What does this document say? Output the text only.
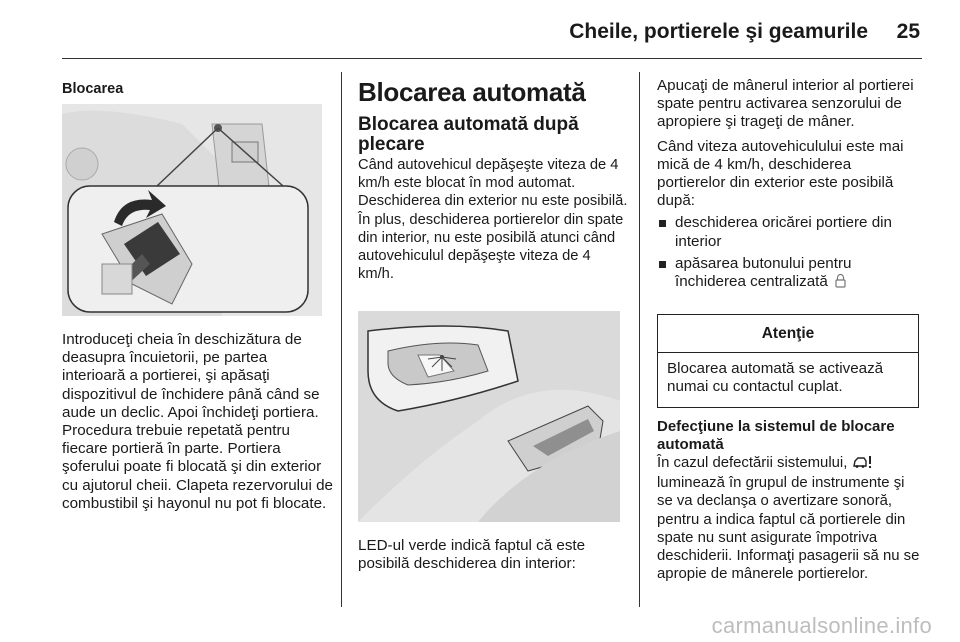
Cheile, portierele şi geamurile 25

Blocarea

Introduceţi cheia în deschizătura de deasupra încuietorii, pe partea interioară a portierei, şi apăsaţi dispozitivul de închidere până când se aude un declic. Apoi închideţi portiera. Procedura trebuie repetată pentru fiecare portieră în parte. Portiera şoferului poate fi blocată şi din exterior cu ajutorul cheii. Clapeta rezervorului de combustibil şi hayonul nu pot fi blocate.

Blocarea automată

Blocarea automată după plecare

Când autovehicul depăşeşte viteza de 4 km/h este blocat în mod automat. Deschiderea din exterior nu este posibilă. În plus, deschiderea portierelor din spate din interior, nu este posibilă atunci când autovehiculul depăşeşte viteza de 4 km/h.

LED-ul verde indică faptul că este posibilă deschiderea din interior:

Apucaţi de mânerul interior al portierei spate pentru activarea senzorului de apropiere şi trageţi de mâner.

Când viteza autovehiculului este mai mică de 4 km/h, deschiderea portierelor din exterior este posibilă după:

deschiderea oricărei portiere din interior

apăsarea butonului pentru închiderea centralizată

Atenţie
Blocarea automată se activează numai cu contactul cuplat.

Defecţiune la sistemul de blocare automată

În cazul defectării sistemului,  luminează în grupul de instrumente şi se va declanşa o avertizare sonoră, pentru a indica faptul că portierele din spate nu sunt asigurate împotriva deschiderii. Informaţi pasagerii să nu se apropie de mânerele portierelor.

carmanualsonline.info
